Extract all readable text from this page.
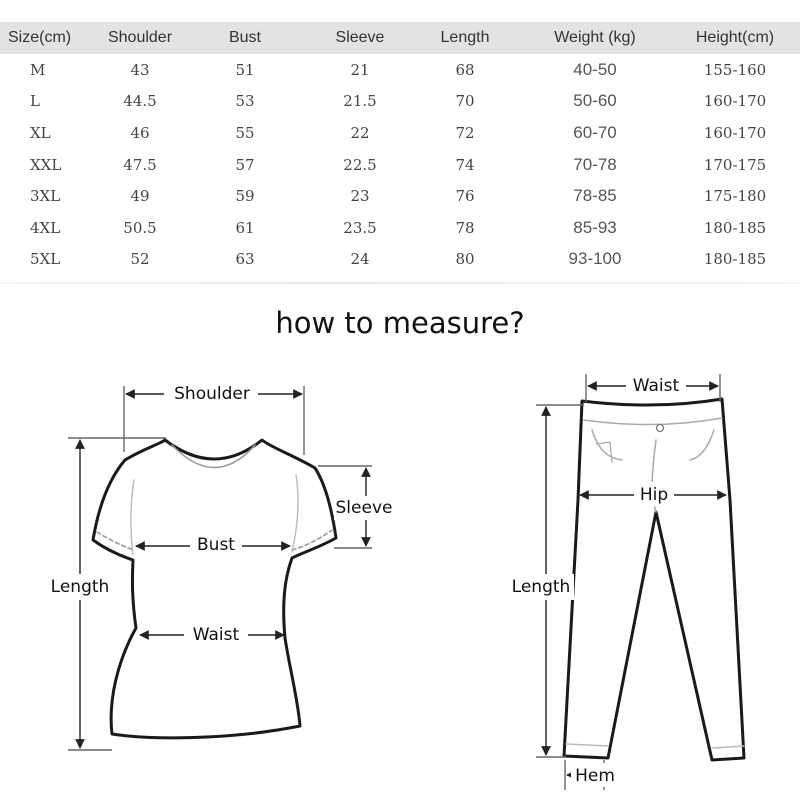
Size(cm)	Shoulder	Bust	Sleeve	Length	Weight (kg)	Height(cm)
M	43	51	21	68	40-50	155-160
L	44.5	53	21.5	70	50-60	160-170
XL	46	55	22	72	60-70	160-170
XXL	47.5	57	22.5	74	70-78	170-175
3XL	49	59	23	76	78-85	175-180
4XL	50.5	61	23.5	78	85-93	180-185
5XL	52	63	24	80	93-100	180-185
how to measure?
Shoulder
Sleeve
Bust
Length
Waist
Waist
Hip
Length
Hem
